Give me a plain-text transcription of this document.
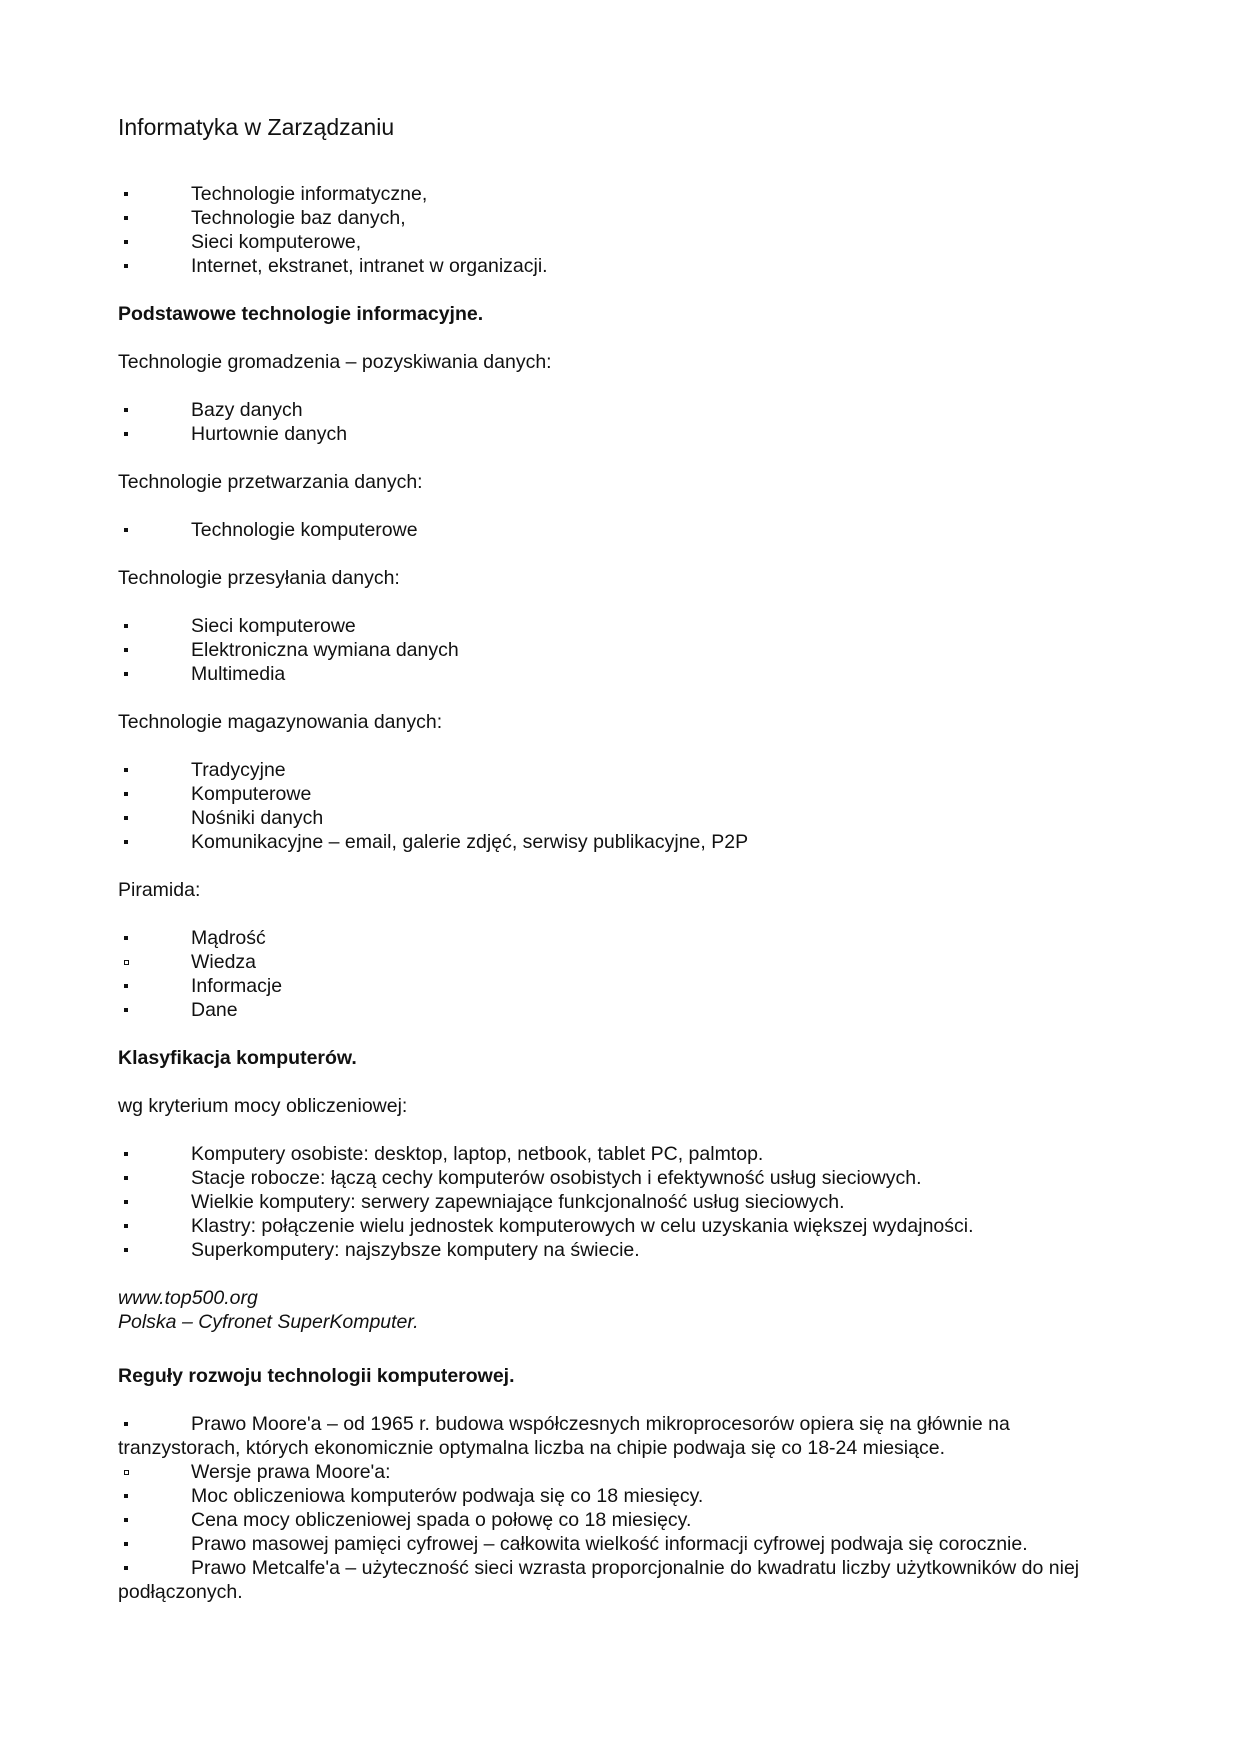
Informatyka w Zarządzaniu
Technologie informatyczne,
Technologie baz danych,
Sieci komputerowe,
Internet, ekstranet, intranet w organizacji.

Podstawowe technologie informacyjne.

Technologie gromadzenia – pozyskiwania danych:

Bazy danych
Hurtownie danych

Technologie przetwarzania danych:

Technologie komputerowe

Technologie przesyłania danych:

Sieci komputerowe
Elektroniczna wymiana danych
Multimedia

Technologie magazynowania danych:

Tradycyjne
Komputerowe
Nośniki danych
Komunikacyjne – email, galerie zdjęć, serwisy publikacyjne, P2P

Piramida:

Mądrość
Wiedza
Informacje
Dane

Klasyfikacja komputerów.

wg kryterium mocy obliczeniowej:

Komputery osobiste: desktop, laptop, netbook, tablet PC, palmtop.
Stacje robocze: łączą cechy komputerów osobistych i efektywność usług sieciowych.
Wielkie komputery: serwery zapewniające funkcjonalność usług sieciowych.
Klastry: połączenie wielu jednostek komputerowych w celu uzyskania większej wydajności.
Superkomputery: najszybsze komputery na świecie.

www.top500.org

Polska – Cyfronet SuperKomputer.

Reguły rozwoju technologii komputerowej.

Prawo Moore'a – od 1965 r. budowa współczesnych mikroprocesorów opiera się na głównie na tranzystorach, których ekonomicznie optymalna liczba na chipie podwaja się co 18-24 miesiące.
Wersje prawa Moore'a:
Moc obliczeniowa komputerów podwaja się co 18 miesięcy.
Cena mocy obliczeniowej spada o połowę co 18 miesięcy.
Prawo masowej pamięci cyfrowej – całkowita wielkość informacji cyfrowej podwaja się corocznie.
Prawo Metcalfe'a – użyteczność sieci wzrasta proporcjonalnie do kwadratu liczby użytkowników do niej podłączonych.
